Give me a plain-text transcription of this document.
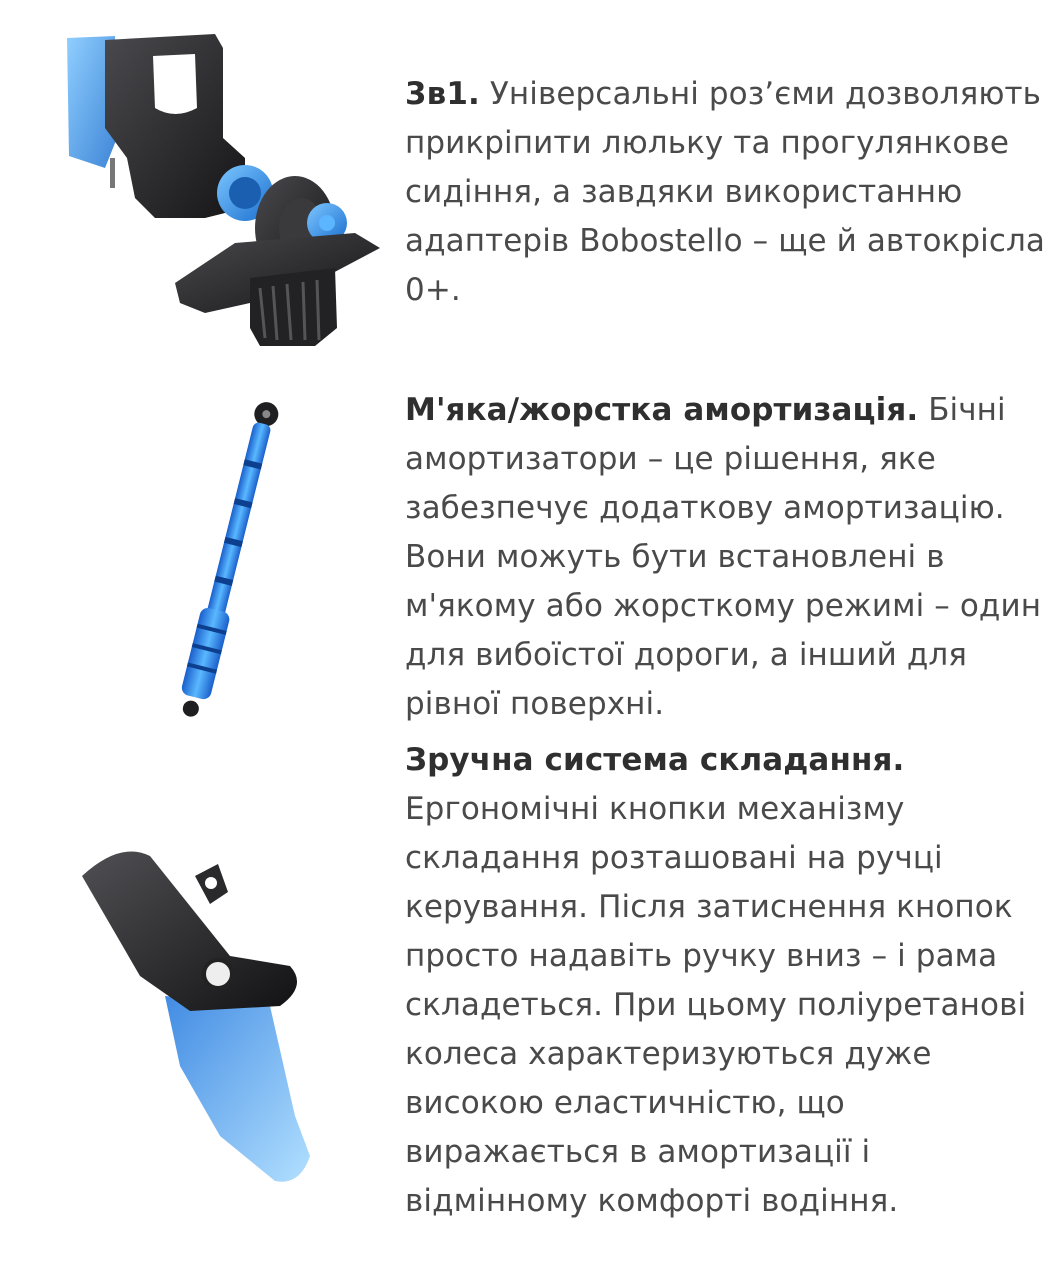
3в1. Універсальні роз’єми дозволяють прикріпити люльку та прогулянкове сидіння, а завдяки використанню адаптерів Bobostello – ще й автокрісла 0+.
М'яка/жорстка амортизація. Бічні амортизатори – це рішення, яке забезпечує додаткову амортизацію. Вони можуть бути встановлені в м'якому або жорсткому режимі – один для вибоїстої дороги, а інший для рівної поверхні.
Зручна система складання.
Ергономічні кнопки механізму складання розташовані на ручці керування. Після затиснення кнопок просто надавіть ручку вниз – і рама складеться. При цьому поліуретанові колеса характеризуються дуже високою еластичністю, що виражається в амортизації і відмінному комфорті водіння.
